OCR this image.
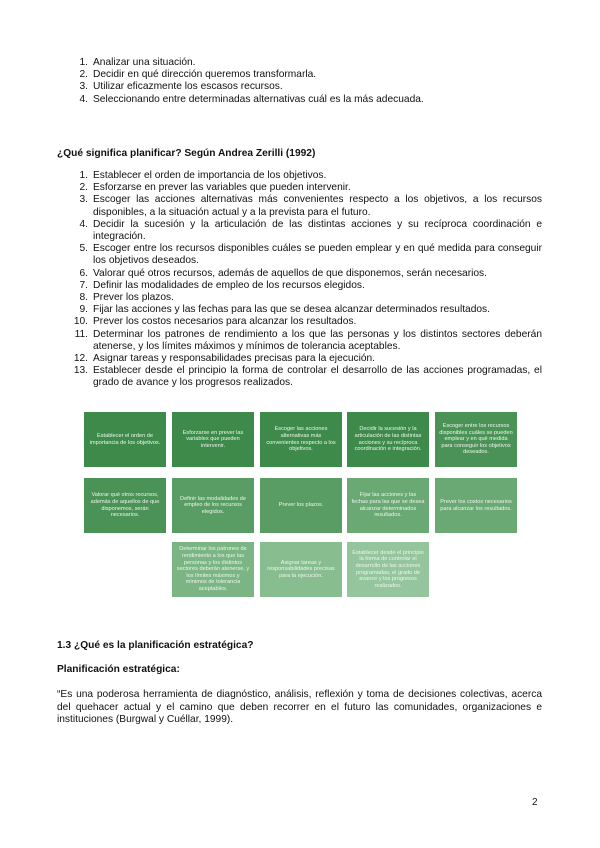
1. Analizar una situación.
2. Decidir en qué dirección queremos transformarla.
3. Utilizar eficazmente los escasos recursos.
4. Seleccionando entre determinadas alternativas cuál es la más adecuada.
¿Qué significa planificar? Según Andrea Zerilli (1992)
1. Establecer el orden de importancia de los objetivos.
2. Esforzarse en prever las variables que pueden intervenir.
3. Escoger las acciones alternativas más convenientes respecto a los objetivos, a los recursos disponibles, a la situación actual y a la prevista para el futuro.
4. Decidir la sucesión y la articulación de las distintas acciones y su recíproca coordinación e integración.
5. Escoger entre los recursos disponibles cuáles se pueden emplear y en qué medida para conseguir los objetivos deseados.
6. Valorar qué otros recursos, además de aquellos de que disponemos, serán necesarios.
7. Definir las modalidades de empleo de los recursos elegidos.
8. Prever los plazos.
9. Fijar las acciones y las fechas para las que se desea alcanzar determinados resultados.
10. Prever los costos necesarios para alcanzar los resultados.
11. Determinar los patrones de rendimiento a los que las personas y los distintos sectores deberán atenerse, y los límites máximos y mínimos de tolerancia aceptables.
12. Asignar tareas y responsabilidades precisas para la ejecución.
13. Establecer desde el principio la forma de controlar el desarrollo de las acciones programadas, el grado de avance y los progresos realizados.
Establecer el orden de importancia de los objetivos.
Esforzarse en prever las variables que pueden intervenir.
Escoger las acciones alternativas más convenientes respecto a los objetivos.
Decidir la sucesión y la articulación de las distintas acciones y su recíproca coordinación e integración.
Escoger entre los recursos disponibles cuáles se pueden emplear y en qué medida para conseguir los objetivos deseados.
Valorar qué otros recursos, además de aquellos de que disponemos, serán necesarios.
Definir las modalidades de empleo de los recursos elegidos.
Prever los plazos.
Fijar las acciones y las fechas para las que se desea alcanzar determinados resultados.
Prever los costos necesarios para alcanzar los resultados.
Determinar los patrones de rendimiento a los que las personas y los distintos sectores deberán atenerse, y los límites máximos y mínimos de tolerancia aceptables.
Asignar tareas y responsabilidades precisas para la ejecución.
Establecer desde el principio la forma de controlar el desarrollo de las acciones programadas, el grado de avance y los progresos realizados.
1.3 ¿Qué es la planificación estratégica?
Planificación estratégica:
“Es una poderosa herramienta de diagnóstico, análisis, reflexión y toma de decisiones colectivas, acerca del quehacer actual y el camino que deben recorrer en el futuro las comunidades, organizaciones e instituciones (Burgwal y Cuéllar, 1999).
2
